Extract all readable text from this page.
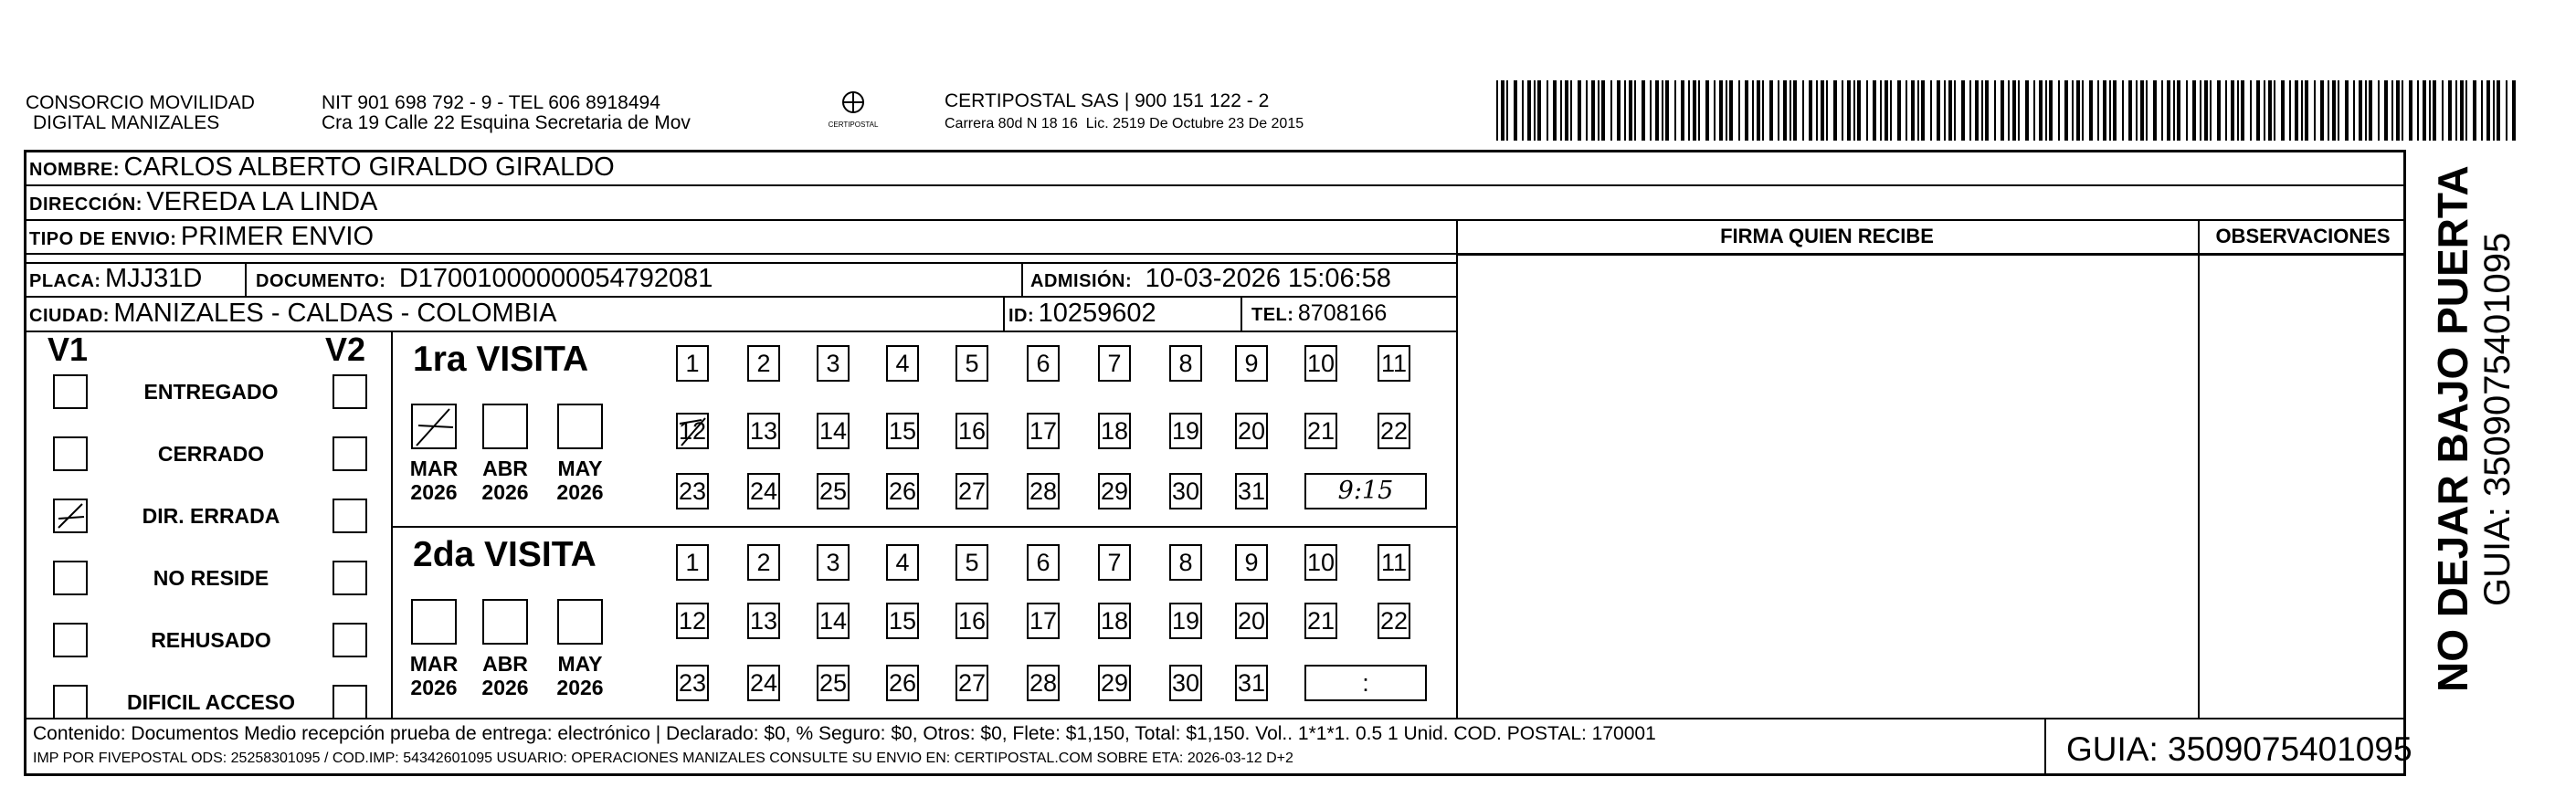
CONSORCIO MOVILIDAD
DIGITAL MANIZALES
NIT 901 698 792 - 9 - TEL 606 8918494
Cra 19 Calle 22 Esquina Secretaria de Mov	CERTIPOSTAL
CERTIPOSTAL SAS | 900 151 122 - 2
Carrera 80d N 18 16  Lic. 2519 De Octubre 23 De 2015
NOMBRE: CARLOS ALBERTO GIRALDO GIRALDO
DIRECCIÓN: VEREDA LA LINDA
TIPO DE ENVIO: PRIMER ENVIO
PLACA: MJJ31D	DOCUMENTO: D17001000000054792081	ADMISIÓN: 10-03-2026 15:06:58
CIUDAD: MANIZALES - CALDAS - COLOMBIA	ID: 10259602	TEL: 8708166
FIRMA QUIEN RECIBE	OBSERVACIONES
V1	V2
ENTREGADO
CERRADO
DIR. ERRADA
NO RESIDE
REHUSADO
DIFICIL ACCESO
1ra VISITA
2da VISITA
MAR
2026
ABR
2026
MAY
2026
1	2	3	4	5	6	7	8	9	10 11
12 13 14 15 16 17 18 19 20 21 22
23 24 25 26 27 28 29 30 31	9:15
MAR
2026
ABR
2026
MAY
2026
1	2	3	4	5	6	7	8	9	10 11
12 13 14 15 16 17 18 19 20 21 22
23 24 25 26 27 28 29 30 31	:	NO DEJAR BAJO PUERTA GUIA: 3509075401095
Contenido: Documentos Medio recepción prueba de entrega: electrónico | Declarado: $0, % Seguro: $0, Otros: $0, Flete: $1,150, Total: $1,150. Vol.. 1*1*1. 0.5 1 Unid. COD. POSTAL: 170001
IMP POR FIVEPOSTAL ODS: 25258301095 / COD.IMP: 54342601095 USUARIO: OPERACIONES MANIZALES CONSULTE SU ENVIO EN: CERTIPOSTAL.COM SOBRE ETA: 2026-03-12 D+2	GUIA: 3509075401095
